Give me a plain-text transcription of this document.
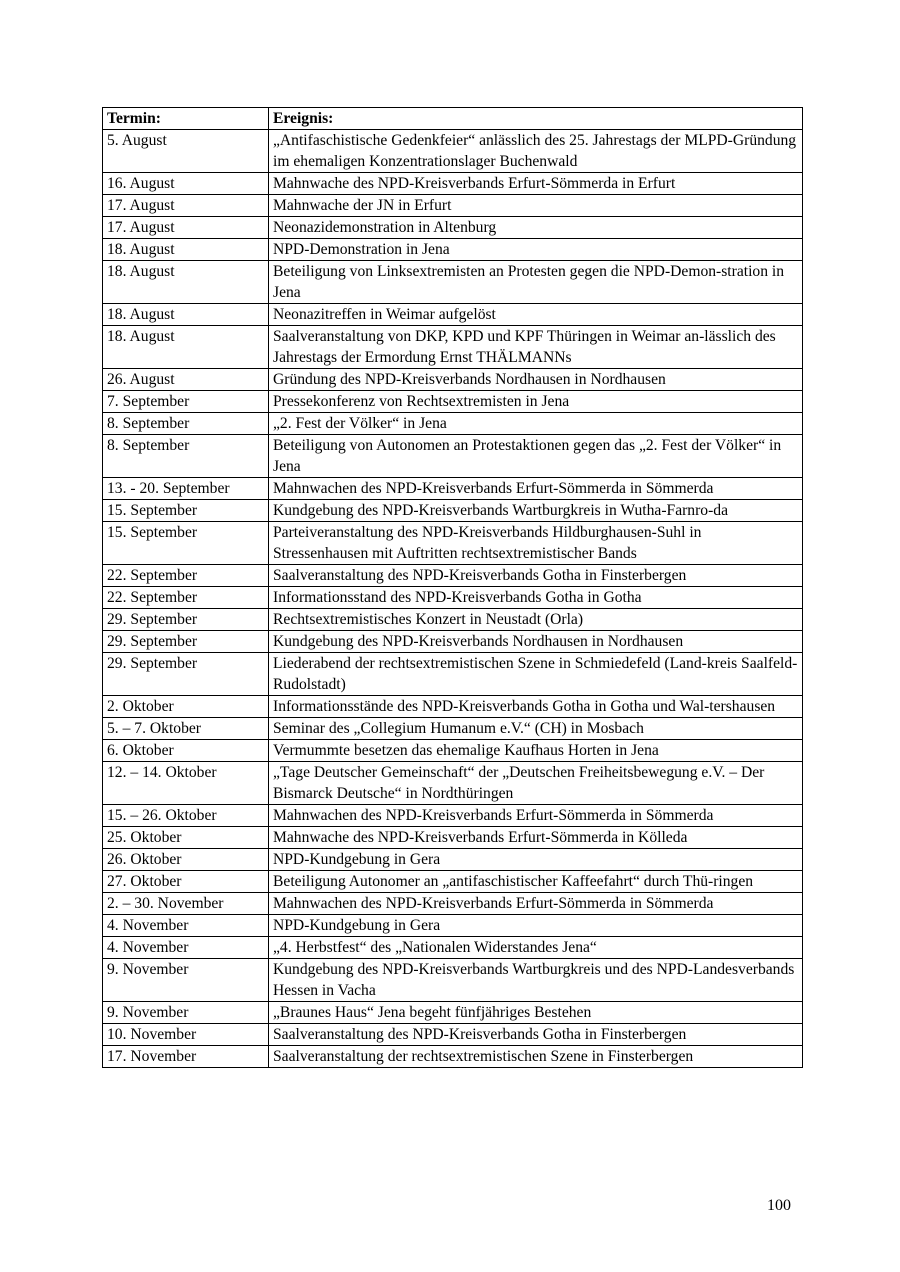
Termin:	Ereignis:
5. August	„Antifaschistische Gedenkfeier“ anlässlich des 25. Jahrestags der MLPD-Gründung im ehemaligen Konzentrationslager Buchenwald
16. August	Mahnwache des NPD-Kreisverbands Erfurt-Sömmerda in Erfurt
17. August	Mahnwache der JN in Erfurt
17. August	Neonazidemonstration in Altenburg
18. August	NPD-Demonstration in Jena
18. August	Beteiligung von Linksextremisten an Protesten gegen die NPD-Demon-stration in Jena
18. August	Neonazitreffen in Weimar aufgelöst
18. August	Saalveranstaltung von DKP, KPD und KPF Thüringen in Weimar an-lässlich des Jahrestags der Ermordung Ernst THÄLMANNs
26. August	Gründung des NPD-Kreisverbands Nordhausen in Nordhausen
7. September	Pressekonferenz von Rechtsextremisten in Jena
8. September	„2. Fest der Völker“ in Jena
8. September	Beteiligung von Autonomen an Protestaktionen gegen das „2. Fest der Völker“ in Jena
13. - 20. September	Mahnwachen des NPD-Kreisverbands Erfurt-Sömmerda in Sömmerda
15. September	Kundgebung des NPD-Kreisverbands Wartburgkreis in Wutha-Farnro-da
15. September	Parteiveranstaltung des NPD-Kreisverbands Hildburghausen-Suhl in Stressenhausen mit Auftritten rechtsextremistischer Bands
22. September	Saalveranstaltung des NPD-Kreisverbands Gotha in Finsterbergen
22. September	Informationsstand des NPD-Kreisverbands Gotha in Gotha
29. September	Rechtsextremistisches Konzert in Neustadt (Orla)
29. September	Kundgebung des NPD-Kreisverbands Nordhausen in Nordhausen
29. September	Liederabend der rechtsextremistischen Szene in Schmiedefeld (Land-kreis Saalfeld-Rudolstadt)
2. Oktober	Informationsstände des NPD-Kreisverbands Gotha in Gotha und Wal-tershausen
5. – 7. Oktober	Seminar des „Collegium Humanum e.V.“ (CH) in Mosbach
6. Oktober	Vermummte besetzen das ehemalige Kaufhaus Horten in Jena
12. – 14. Oktober	„Tage Deutscher Gemeinschaft“ der „Deutschen Freiheitsbewegung e.V. – Der Bismarck Deutsche“ in Nordthüringen
15. – 26. Oktober	Mahnwachen des NPD-Kreisverbands Erfurt-Sömmerda in Sömmerda
25. Oktober	Mahnwache des NPD-Kreisverbands Erfurt-Sömmerda in Kölleda
26. Oktober	NPD-Kundgebung in Gera
27. Oktober	Beteiligung Autonomer an „antifaschistischer Kaffeefahrt“ durch Thü-ringen
2. – 30. November	Mahnwachen des NPD-Kreisverbands Erfurt-Sömmerda in Sömmerda
4. November	NPD-Kundgebung in Gera
4. November	„4. Herbstfest“ des „Nationalen Widerstandes Jena“
9. November	Kundgebung des NPD-Kreisverbands Wartburgkreis und des NPD-Landesverbands Hessen in Vacha
9. November	„Braunes Haus“ Jena begeht fünfjähriges Bestehen
10. November	Saalveranstaltung des NPD-Kreisverbands Gotha in Finsterbergen
17. November	Saalveranstaltung der rechtsextremistischen Szene in Finsterbergen
100
